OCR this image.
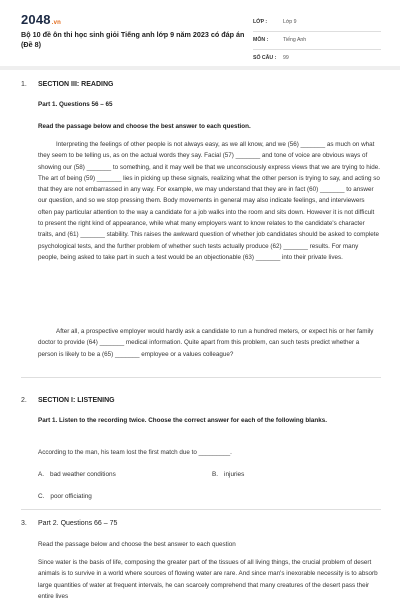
2048.vn
Bộ 10 đề ôn thi học sinh giỏi Tiếng anh lớp 9 năm 2023 có đáp án (Đề 8)
LỚP :	Lớp 9
MÔN :	Tiếng Anh
SỐ CÂU : 99
1. SECTION III: READING
Part 1. Questions 56 – 65
Read the passage below and choose the best answer to each question.
Interpreting the feelings of other people is not always easy, as we all know, and we (56) _______ as much on what they seem to be telling us, as on the actual words they say. Facial (57) _______ and tone of voice are obvious ways of showing our (58) _______ to something, and it may well be that we unconsciously express views that we are trying to hide. The art of being (59) _______ lies in picking up these signals, realizing what the other person is trying to say, and acting so that they are not embarrassed in any way. For example, we may understand that they are in fact (60) _______ to answer our question, and so we stop pressing them. Body movements in general may also indicate feelings, and interviewers often pay particular attention to the way a candidate for a job walks into the room and sits down. However it is not difficult to present the right kind of appearance, while what many employers want to know relates to the candidate's character traits, and (61) _______ stability. This raises the awkward question of whether job candidates should be asked to complete psychological tests, and the further problem of whether such tests actually produce (62) _______ results. For many people, being asked to take part in such a test would be an objectionable (63) _______ into their private lives.
After all, a prospective employer would hardly ask a candidate to run a hundred meters, or expect his or her family doctor to provide (64) _______ medical information. Quite apart from this problem, can such tests predict whether a person is likely to be a (65) _______ employee or a values colleague?
2. SECTION I: LISTENING
Part 1. Listen to the recording twice. Choose the correct answer for each of the following blanks.
According to the man, his team lost the first match due to _________.
A. bad weather conditions	B. injuries
C. poor officiating
3. Part 2. Questions 66 – 75
Read the passage below and choose the best answer to each question
Since water is the basis of life, composing the greater part of the tissues of all living things, the crucial problem of desert animals is to survive in a world where sources of flowing water are rare. And since man's inexorable necessity is to absorb large quantities of water at frequent intervals, he can scarcely comprehend that many creatures of the desert pass their entire lives
